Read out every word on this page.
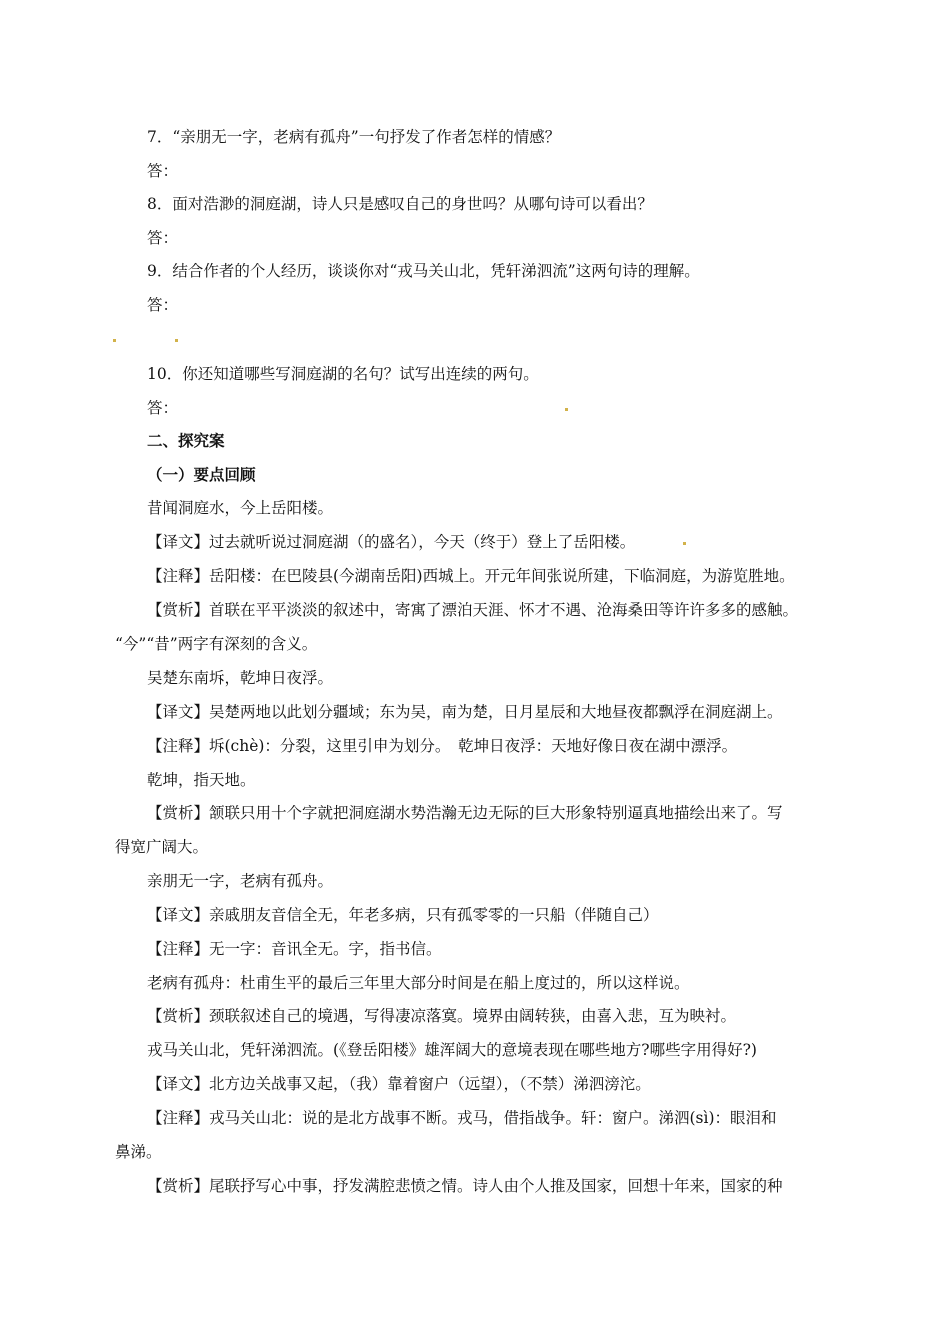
7．“亲朋无一字，老病有孤舟”一句抒发了作者怎样的情感？
答：
8．面对浩渺的洞庭湖，诗人只是感叹自己的身世吗？从哪句诗可以看出？
答：
9．结合作者的个人经历，谈谈你对“戎马关山北，凭轩涕泗流”这两句诗的理解。
答：
10．你还知道哪些写洞庭湖的名句？试写出连续的两句。
答：
二、探究案
（一）要点回顾
昔闻洞庭水，今上岳阳楼。
【译文】过去就听说过洞庭湖（的盛名），今天（终于）登上了岳阳楼。
【注释】岳阳楼：在巴陵县(今湖南岳阳)西城上。开元年间张说所建，下临洞庭，为游览胜地。
【赏析】首联在平平淡淡的叙述中，寄寓了漂泊天涯、怀才不遇、沧海桑田等许许多多的感触。
“今”“昔”两字有深刻的含义。
吴楚东南坼，乾坤日夜浮。
【译文】吴楚两地以此划分疆域；东为吴，南为楚，日月星辰和大地昼夜都飘浮在洞庭湖上。
【注释】坼(chè)：分裂，这里引申为划分。　乾坤日夜浮：天地好像日夜在湖中漂浮。
乾坤，指天地。
【赏析】颔联只用十个字就把洞庭湖水势浩瀚无边无际的巨大形象特别逼真地描绘出来了。写
得宽广阔大。
亲朋无一字，老病有孤舟。
【译文】亲戚朋友音信全无，年老多病，只有孤零零的一只船（伴随自己）
【注释】无一字：音讯全无。字，指书信。
老病有孤舟：杜甫生平的最后三年里大部分时间是在船上度过的，所以这样说。
【赏析】颈联叙述自己的境遇，写得凄凉落寞。境界由阔转狭，由喜入悲，互为映衬。
戎马关山北，凭轩涕泗流。(《登岳阳楼》雄浑阔大的意境表现在哪些地方?哪些字用得好?)
【译文】北方边关战事又起，（我）靠着窗户（远望），（不禁）涕泗滂沱。
【注释】戎马关山北：说的是北方战事不断。戎马，借指战争。轩：窗户。涕泗(sì)：眼泪和
鼻涕。
【赏析】尾联抒写心中事，抒发满腔悲愤之情。诗人由个人推及国家，回想十年来，国家的种
